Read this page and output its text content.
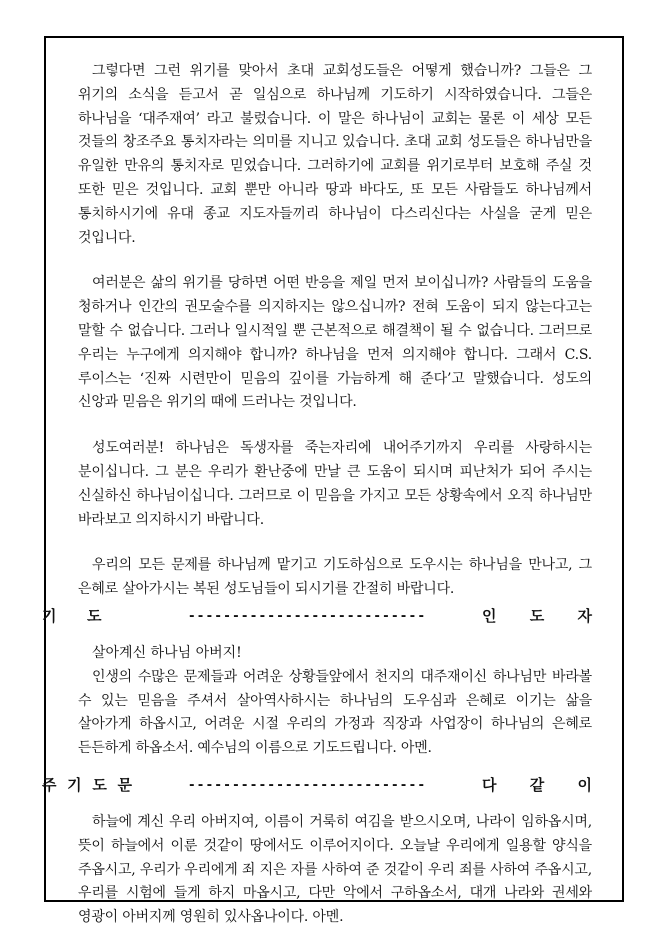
그렇다면 그런 위기를 맞아서 초대 교회성도들은 어떻게 했습니까? 그들은 그 위기의 소식을 듣고서 곧 일심으로 하나님께 기도하기 시작하였습니다. 그들은 하나님을 ‘대주재여’ 라고 불렀습니다. 이 말은 하나님이 교회는 물론 이 세상 모든 것들의 창조주요 통치자라는 의미를 지니고 있습니다. 초대 교회 성도들은 하나님만을 유일한 만유의 통치자로 믿었습니다. 그러하기에 교회를 위기로부터 보호해 주실 것 또한 믿은 것입니다. 교회 뿐만 아니라 땅과 바다도, 또 모든 사람들도 하나님께서 통치하시기에 유대 종교 지도자들끼리 하나님이 다스리신다는 사실을 굳게 믿은 것입니다.

여러분은 삶의 위기를 당하면 어떤 반응을 제일 먼저 보이십니까? 사람들의 도움을 청하거나 인간의 권모술수를 의지하지는 않으십니까? 전혀 도움이 되지 않는다고는 말할 수 없습니다. 그러나 일시적일 뿐 근본적으로 해결책이 될 수 없습니다. 그러므로 우리는 누구에게 의지해야 합니까? 하나님을 먼저 의지해야 합니다. 그래서 C.S. 루이스는 ‘진짜 시련만이 믿음의 깊이를 가늠하게 해 준다’고 말했습니다. 성도의 신앙과 믿음은 위기의 때에 드러나는 것입니다.

성도여러분! 하나님은 독생자를 죽는자리에 내어주기까지 우리를 사랑하시는 분이십니다. 그 분은 우리가 환난중에 만날 큰 도움이 되시며 피난처가 되어 주시는 신실하신 하나님이십니다. 그러므로 이 믿음을 가지고 모든 상황속에서 오직 하나님만 바라보고 의지하시기 바랍니다.

우리의 모든 문제를 하나님께 맡기고 기도하심으로 도우시는 하나님을 만나고, 그 은혜로 살아가시는 복된 성도님들이 되시기를 간절히 바랍니다.

기 도	---------------------------	인 도 자

살아계신 하나님 아버지!

인생의 수많은 문제들과 어려운 상황들앞에서 천지의 대주재이신 하나님만 바라볼 수 있는 믿음을 주셔서 살아역사하시는 하나님의 도우심과 은혜로 이기는 삶을 살아가게 하옵시고, 어려운 시절 우리의 가정과 직장과 사업장이 하나님의 은혜로 든든하게 하옵소서. 예수님의 이름으로 기도드립니다. 아멘.

주 기 도 문	---------------------------	다 같 이

하늘에 계신 우리 아버지여, 이름이 거룩히 여김을 받으시오며, 나라이 임하옵시며, 뜻이 하늘에서 이룬 것같이 땅에서도 이루어지이다. 오늘날 우리에게 일용할 양식을 주옵시고, 우리가 우리에게 죄 지은 자를 사하여 준 것같이 우리 죄를 사하여 주옵시고, 우리를 시험에 들게 하지 마옵시고, 다만 악에서 구하옵소서, 대개 나라와 권세와 영광이 아버지께 영원히 있사옵나이다. 아멘.
